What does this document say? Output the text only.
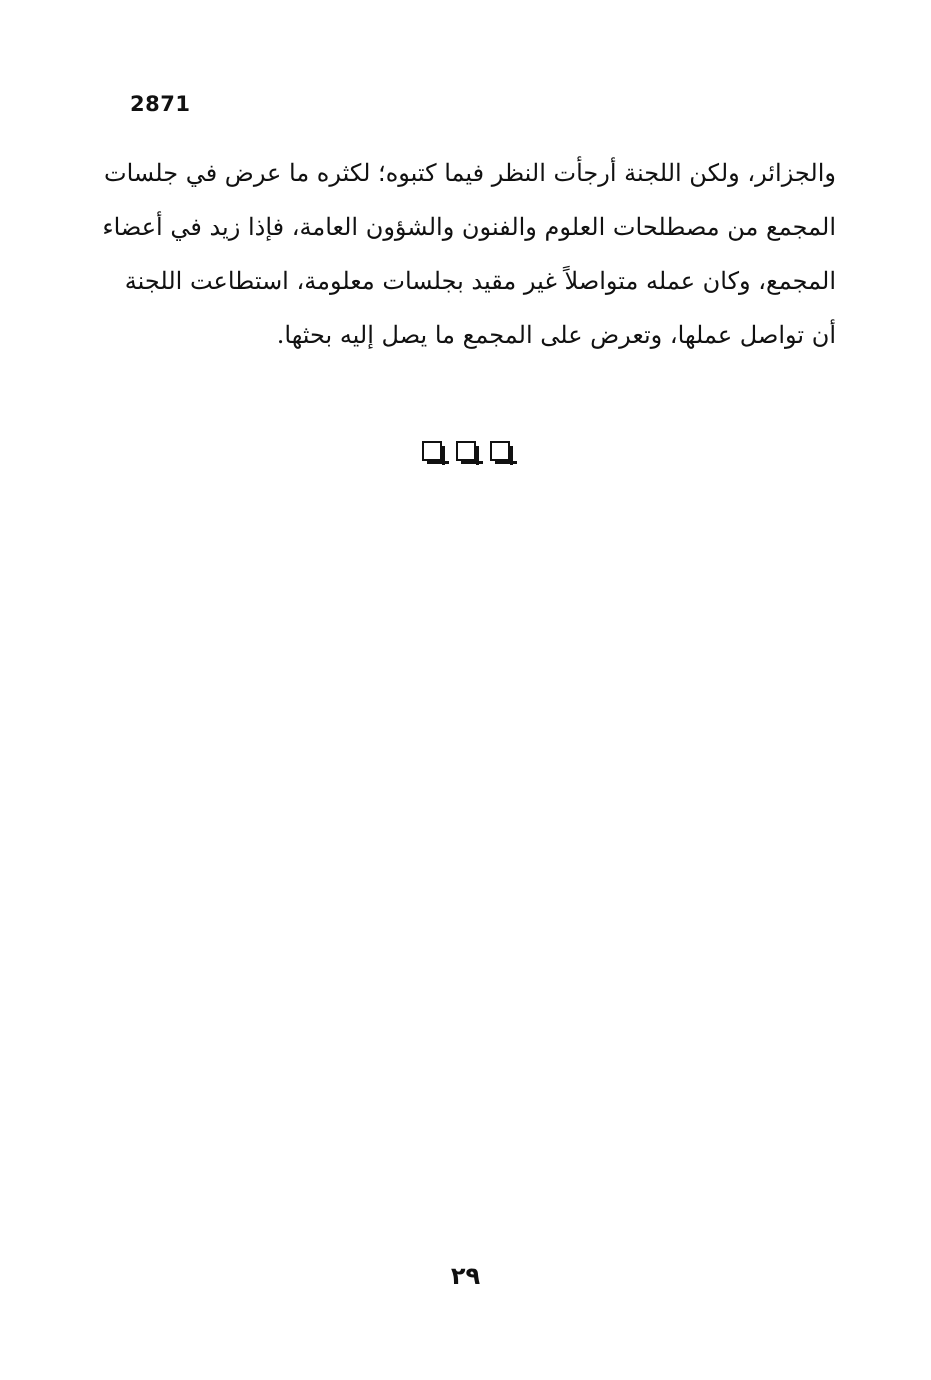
2871
والجزائر، ولكن اللجنة أرجأت النظر فيما كتبوه؛ لكثره ما عرض في جلسات
المجمع من مصطلحات العلوم والفنون والشؤون العامة، فإذا زيد في أعضاء
المجمع، وكان عمله متواصلاً غير مقيد بجلسات معلومة، استطاعت اللجنة
أن تواصل عملها، وتعرض على المجمع ما يصل إليه بحثها.
٢٩
